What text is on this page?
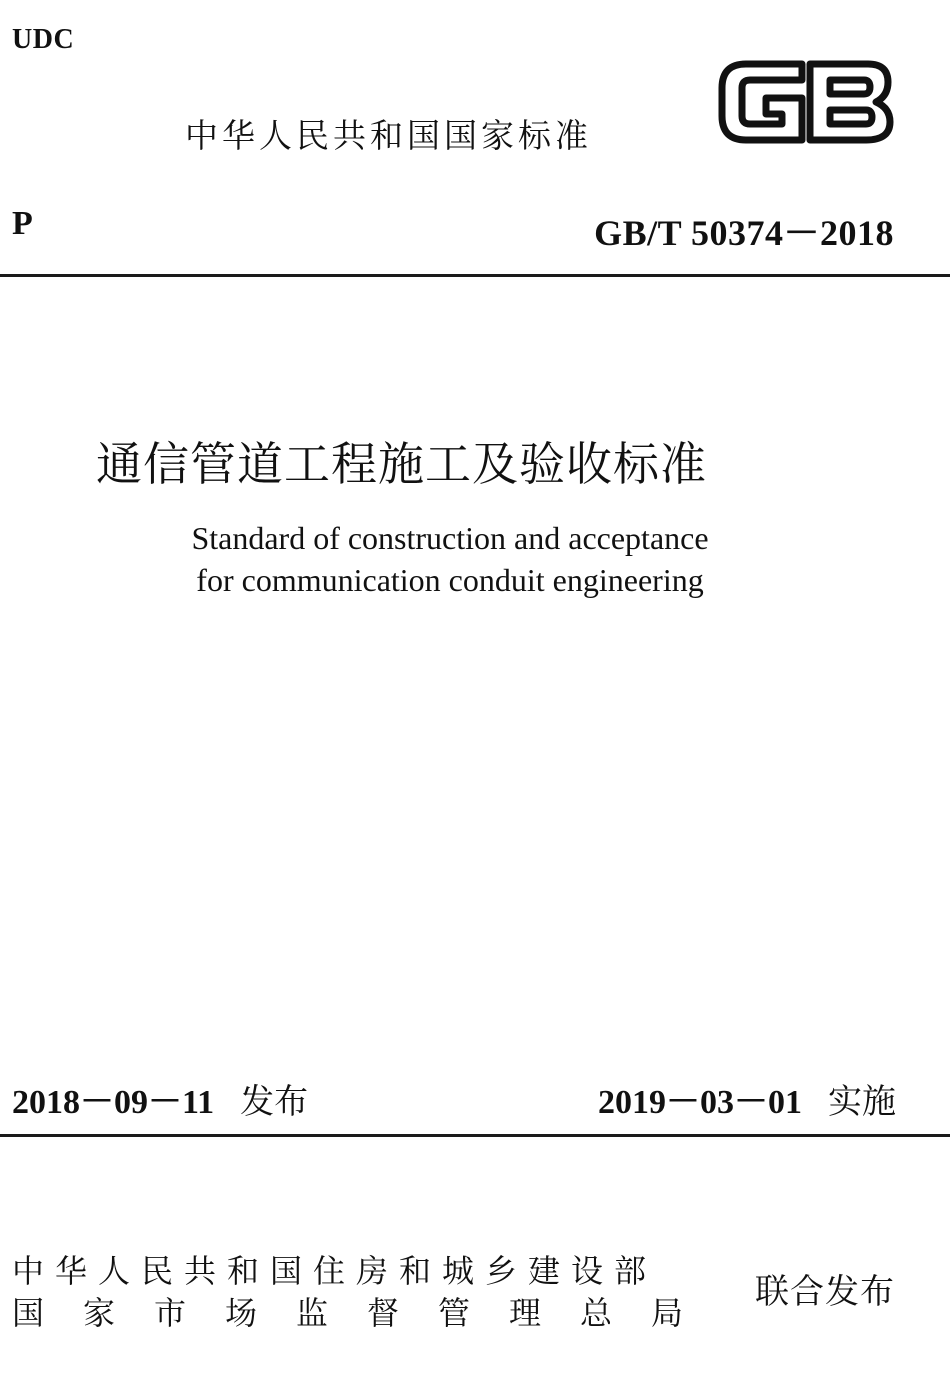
UDC
中华人民共和国国家标准
P	GB/T 50374－2018
通信管道工程施工及验收标准
Standard of construction and acceptance
for communication conduit engineering
2018－09－11 发布	2019－03－01 实施
中华人民共和国住房和城乡建设部
国家市场监督管理总局
联合发布
